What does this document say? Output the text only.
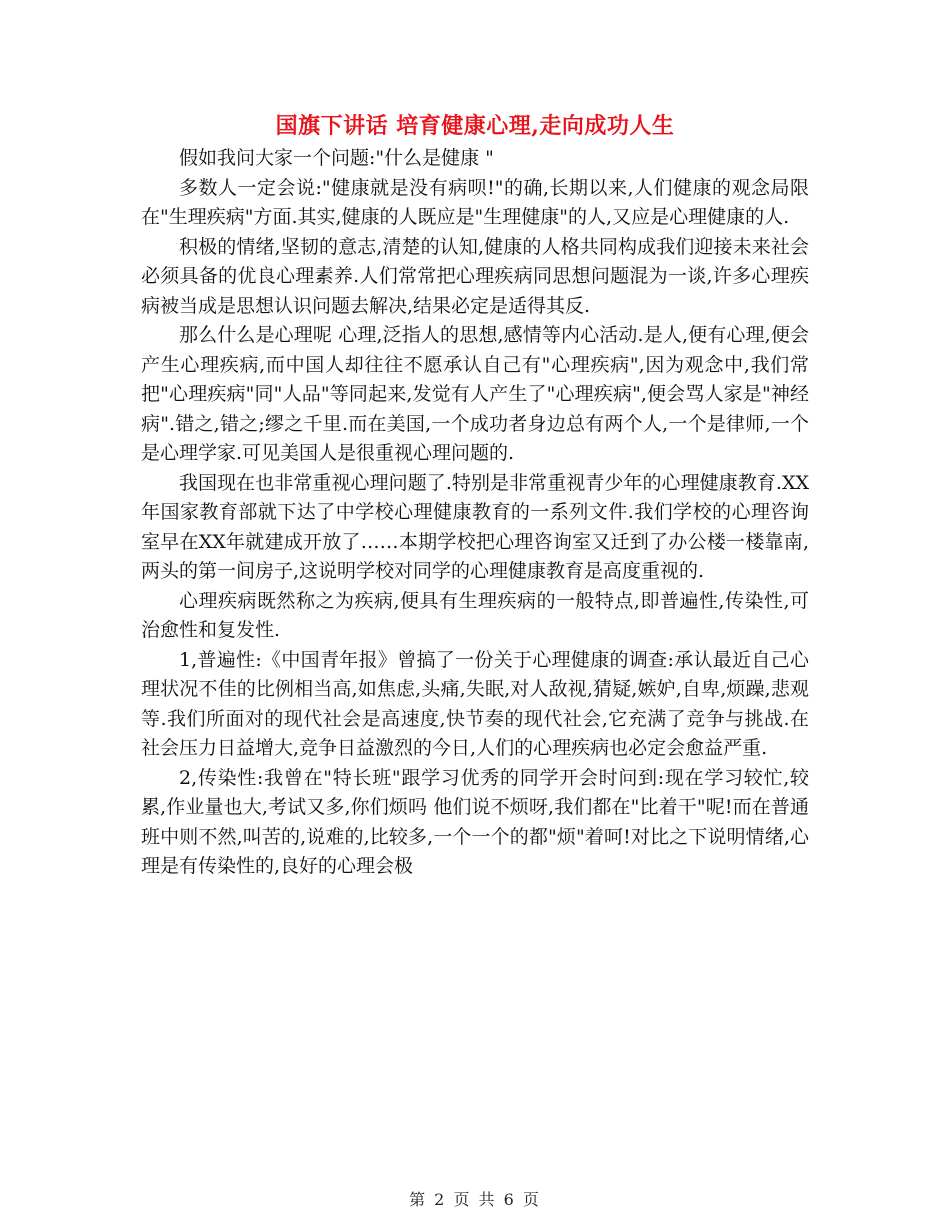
国旗下讲话 培育健康心理,走向成功人生

假如我问大家一个问题:"什么是健康 "

多数人一定会说:"健康就是没有病呗!"的确,长期以来,人们健康的观念局限在"生理疾病"方面.其实,健康的人既应是"生理健康"的人,又应是心理健康的人.

积极的情绪,坚韧的意志,清楚的认知,健康的人格共同构成我们迎接未来社会必须具备的优良心理素养.人们常常把心理疾病同思想问题混为一谈,许多心理疾病被当成是思想认识问题去解决,结果必定是适得其反.

那么什么是心理呢 心理,泛指人的思想,感情等内心活动.是人,便有心理,便会产生心理疾病,而中国人却往往不愿承认自己有"心理疾病",因为观念中,我们常把"心理疾病"同"人品"等同起来,发觉有人产生了"心理疾病",便会骂人家是"神经病".错之,错之;缪之千里.而在美国,一个成功者身边总有两个人,一个是律师,一个是心理学家.可见美国人是很重视心理问题的.

我国现在也非常重视心理问题了.特别是非常重视青少年的心理健康教育.XX年国家教育部就下达了中学校心理健康教育的一系列文件.我们学校的心理咨询室早在XX年就建成开放了……本期学校把心理咨询室又迁到了办公楼一楼靠南,两头的第一间房子,这说明学校对同学的心理健康教育是高度重视的.

心理疾病既然称之为疾病,便具有生理疾病的一般特点,即普遍性,传染性,可治愈性和复发性.

1,普遍性:《中国青年报》曾搞了一份关于心理健康的调查:承认最近自己心理状况不佳的比例相当高,如焦虑,头痛,失眠,对人敌视,猜疑,嫉妒,自卑,烦躁,悲观等.我们所面对的现代社会是高速度,快节奏的现代社会,它充满了竞争与挑战.在社会压力日益增大,竞争日益激烈的今日,人们的心理疾病也必定会愈益严重.

2,传染性:我曾在"特长班"跟学习优秀的同学开会时问到:现在学习较忙,较累,作业量也大,考试又多,你们烦吗 他们说不烦呀,我们都在"比着干"呢!而在普通班中则不然,叫苦的,说难的,比较多,一个一个的都"烦"着呵!对比之下说明情绪,心理是有传染性的,良好的心理会极

第 2 页 共 6 页
